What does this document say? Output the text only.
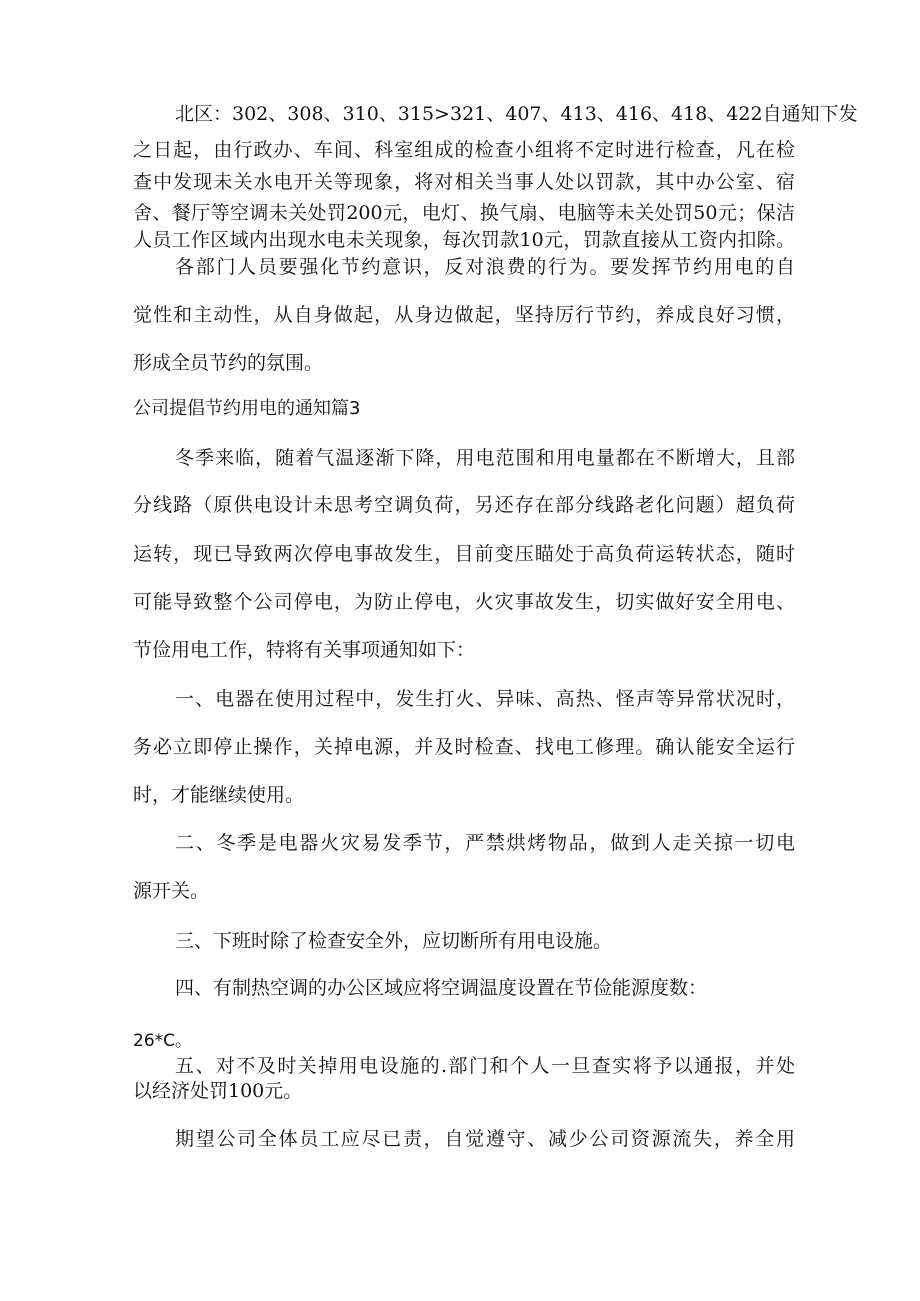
北区：302、308、310、315>321、407、413、416、418、422自通知下发
之日起，由行政办、车间、科室组成的检查小组将不定时进行检查，凡在检
查中发现未关水电开关等现象，将对相关当事人处以罚款，其中办公室、宿
舍、餐厅等空调未关处罚200元，电灯、换气扇、电脑等未关处罚50元；保洁
人员工作区域内出现水电未关现象，每次罚款10元，罚款直接从工资内扣除。
各部门人员要强化节约意识，反对浪费的行为。要发挥节约用电的自
觉性和主动性，从自身做起，从身边做起，坚持厉行节约，养成良好习惯，
形成全员节约的氛围。
公司提倡节约用电的通知篇3
冬季来临，随着气温逐渐下降，用电范围和用电量都在不断增大，且部
分线路（原供电设计未思考空调负荷，另还存在部分线路老化问题）超负荷
运转，现已导致两次停电事故发生，目前变压瞄处于高负荷运转状态，随时
可能导致整个公司停电，为防止停电，火灾事故发生，切实做好安全用电、
节俭用电工作，特将有关事项通知如下：
一、电器在使用过程中，发生打火、异味、高热、怪声等异常状况时，
务必立即停止操作，关掉电源，并及时检查、找电工修理。确认能安全运行
时，才能继续使用。
二、冬季是电器火灾易发季节，严禁烘烤物品，做到人走关掠一切电
源开关。
三、下班时除了检查安全外，应切断所有用电设施。
四、有制热空调的办公区域应将空调温度设置在节俭能源度数：
26*C。
五、对不及时关掉用电设施的.部门和个人一旦查实将予以通报，并处
以经济处罚100元。
期望公司全体员工应尽已责，自觉遵守、减少公司资源流失，养全用
